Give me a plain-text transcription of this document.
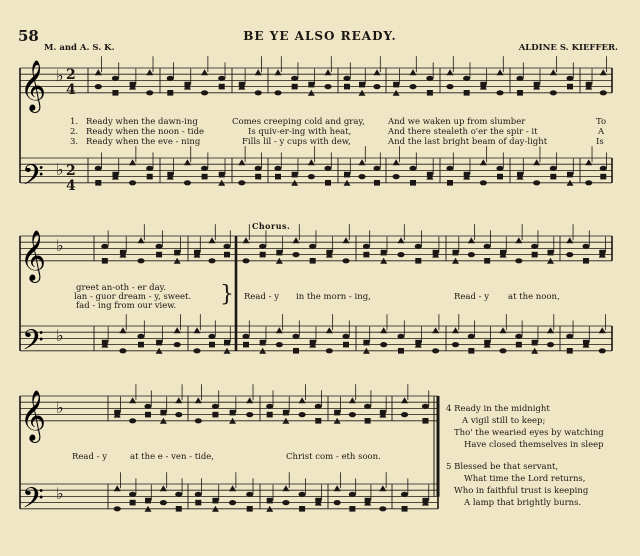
𝄞
𝄢
𝄞
𝄢
𝄞
𝄢
58	BE YE ALSO READY.
M. and A. S. K.	ALDINE S. KIEFFER.
2
4
2
4
♭
♭
♭
♭
♭
♭
1. Ready when the dawn-ing	Comes creeping cold and gray,	And we waken up from slumber	To
2. Ready when the noon - tide	Is quiv-er-ing with heat,	And there stealeth o'er the spir - it	A
3. Ready when the eve - ning	Fills lil - y cups with dew,	And the last bright beam of day-light	Is
Chorus.
greet an-oth - er day.
lan - guor dream - y, sweet.
fad - ing from our view. } Read - y in the morn - ing,	Read - y at the noon,
Read - y	at the e - ven - tide,	Christ com - eth soon.
4 Ready in the midnight
A vigil still to keep;
Tho' the wearied eyes by watching
Have closed themselves in sleep
5 Blessed be that servant,
What time the Lord returns,
Who in faithful trust is keeping
A lamp that brightly burns.
